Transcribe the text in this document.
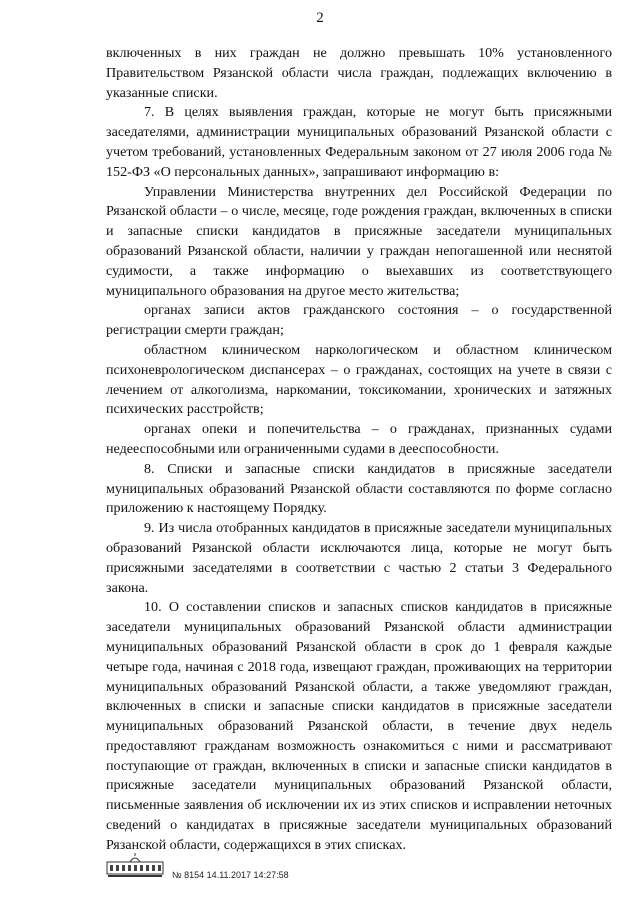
2

включенных в них граждан не должно превышать 10% установленного Правительством Рязанской области числа граждан, подлежащих включению в указанные списки.

7. В целях выявления граждан, которые не могут быть присяжными заседателями, администрации муниципальных образований Рязанской области с учетом требований, установленных Федеральным законом от 27 июля 2006 года № 152-ФЗ «О персональных данных», запрашивают информацию в:

Управлении Министерства внутренних дел Российской Федерации по Рязанской области – о числе, месяце, годе рождения граждан, включенных в списки и запасные списки кандидатов в присяжные заседатели муниципальных образований Рязанской области, наличии у граждан непогашенной или неснятой судимости, а также информацию о выехавших из соответствующего муниципального образования на другое место жительства;

органах записи актов гражданского состояния – о государственной регистрации смерти граждан;

областном клиническом наркологическом и областном клиническом психоневрологическом диспансерах – о гражданах, состоящих на учете в связи с лечением от алкоголизма, наркомании, токсикомании, хронических и затяжных психических расстройств;

органах опеки и попечительства – о гражданах, признанных судами недееспособными или ограниченными судами в дееспособности.

8. Списки и запасные списки кандидатов в присяжные заседатели муниципальных образований Рязанской области составляются по форме согласно приложению к настоящему Порядку.

9. Из числа отобранных кандидатов в присяжные заседатели муниципальных образований Рязанской области исключаются лица, которые не могут быть присяжными заседателями в соответствии с частью 2 статьи 3 Федерального закона.

10. О составлении списков и запасных списков кандидатов в присяжные заседатели муниципальных образований Рязанской области администрации муниципальных образований Рязанской области в срок до 1 февраля каждые четыре года, начиная с 2018 года, извещают граждан, проживающих на территории муниципальных образований Рязанской области, а также уведомляют граждан, включенных в списки и запасные списки кандидатов в присяжные заседатели муниципальных образований Рязанской области, в течение двух недель предоставляют гражданам возможность ознакомиться с ними и рассматривают поступающие от граждан, включенных в списки и запасные списки кандидатов в присяжные заседатели муниципальных образований Рязанской области, письменные заявления об исключении их из этих списков и исправлении неточных сведений о кандидатах в присяжные заседатели муниципальных образований Рязанской области, содержащихся в этих списках.

№ 8154 14.11.2017 14:27:58
